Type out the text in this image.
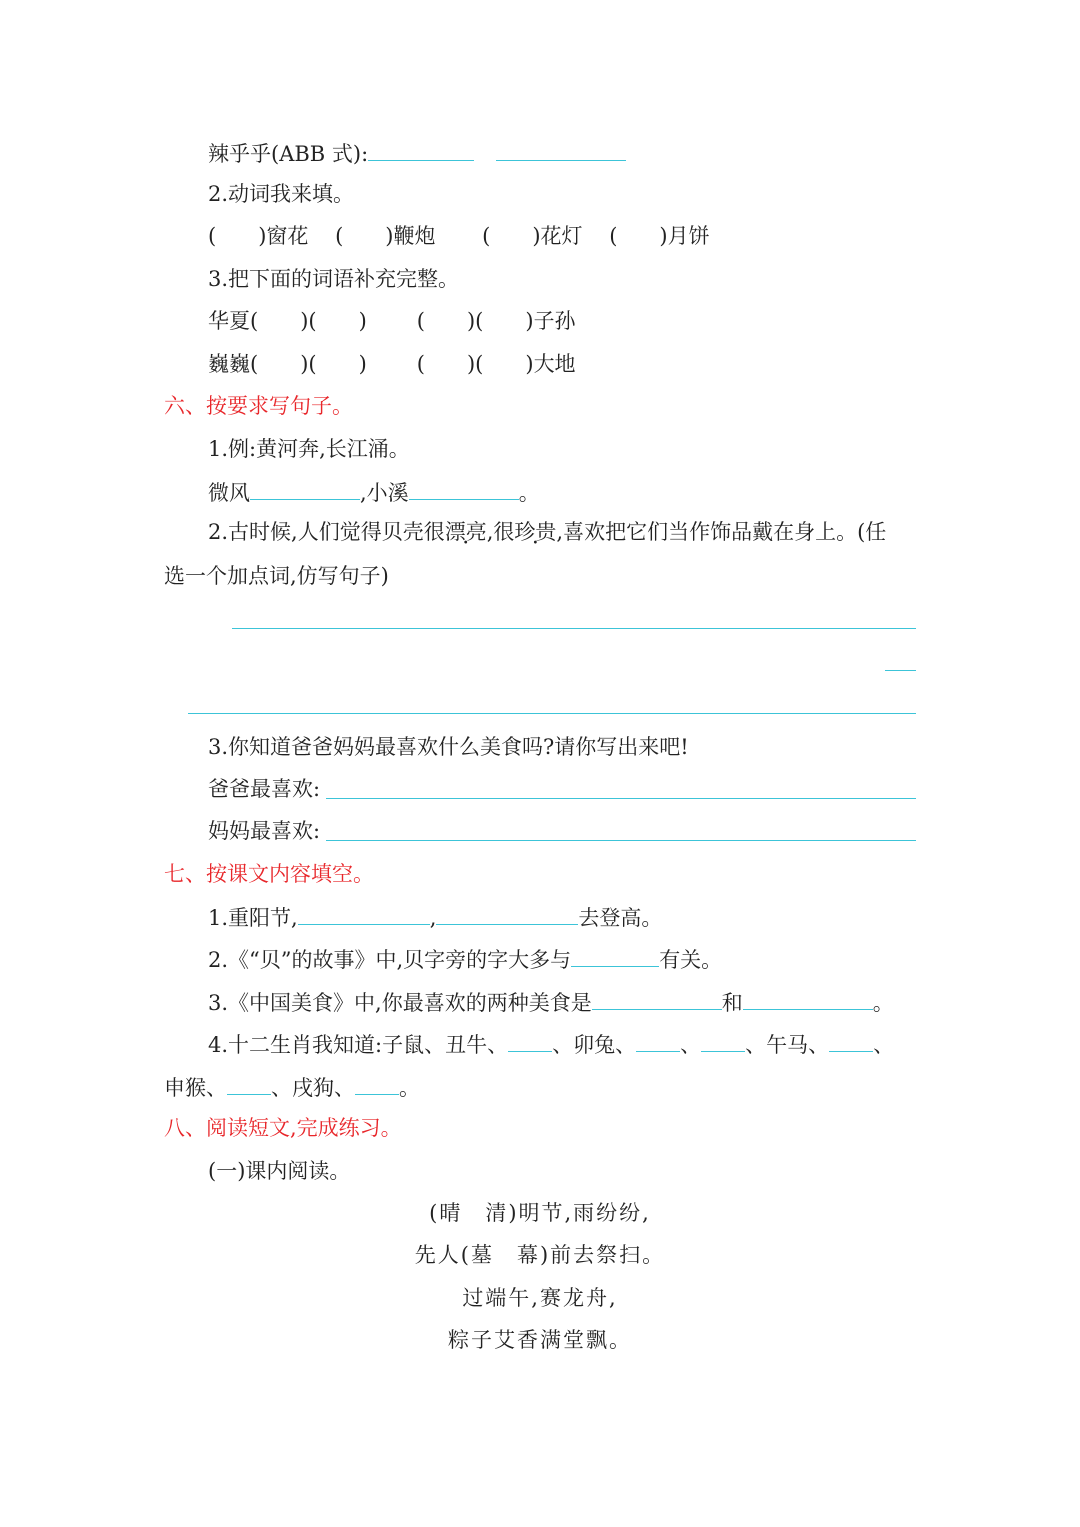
辣乎乎(ABB 式):
2.动词我来填。
(　　)窗花 (　　)鞭炮 (　　)花灯 (　　)月饼
3.把下面的词语补充完整。
华夏(　　)(　　) (　　)(　　)子孙
巍巍(　　)(　　) (　　)(　　)大地
六、按要求写句子。
1.例:黄河奔,长江涌。
微风	,小溪	。
2.古时候,人们觉得贝壳很漂亮,很珍贵,喜欢把它们当作饰品戴在身上。(任
选一个加点词,仿写句子)
3.你知道爸爸妈妈最喜欢什么美食吗?请你写出来吧!
爸爸最喜欢:
妈妈最喜欢:
七、按课文内容填空。
1.重阳节,	,	去登高。
2.《“贝”的故事》中,贝字旁的字大多与	有关。
3.《中国美食》中,你最喜欢的两种美食是	和	。
4.十二生肖我知道:子鼠、丑牛、 、卯兔、 、 、午马、 、
申猴、 、戌狗、 。
八、阅读短文,完成练习。
(一)课内阅读。
(晴　清)明节,雨纷纷,
先人(墓　幕)前去祭扫。
过端午,赛龙舟,
粽子艾香满堂飘。
